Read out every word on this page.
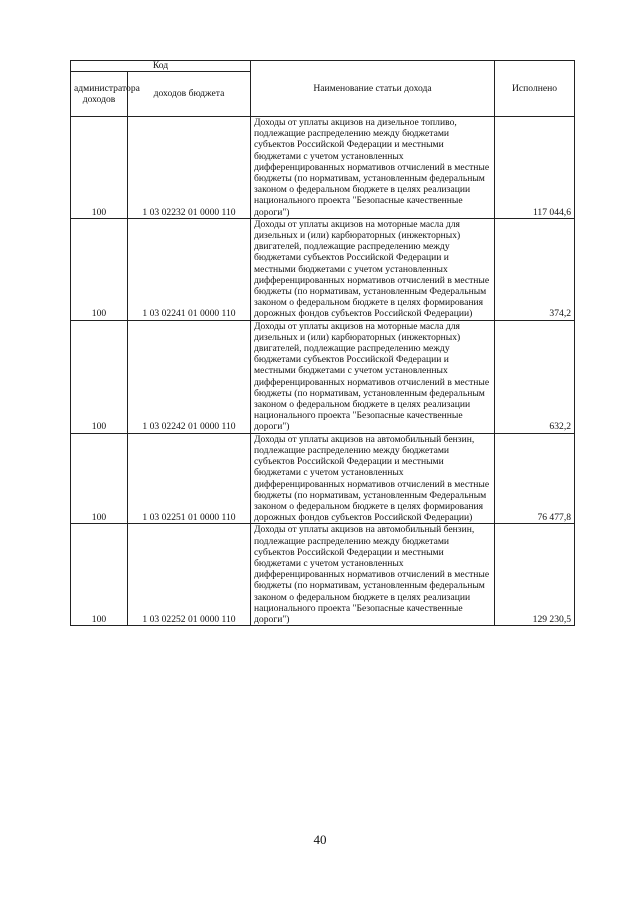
Код		Наименование статьи дохода	Исполнено
администратора доходов	доходов бюджета		
100	1 03 02232 01 0000 110	Доходы от уплаты акцизов на дизельное топливо, подлежащие распределению между бюджетами субъектов Российской Федерации и местными бюджетами с учетом установленных дифференцированных нормативов отчислений в местные бюджеты (по нормативам, установленным федеральным законом о федеральном бюджете в целях реализации национального проекта "Безопасные качественные дороги")	117 044,6
100	1 03 02241 01 0000 110	Доходы от уплаты акцизов на моторные масла для дизельных и (или) карбюраторных (инжекторных) двигателей, подлежащие распределению между бюджетами субъектов Российской Федерации и местными бюджетами с учетом установленных дифференцированных нормативов отчислений в местные бюджеты (по нормативам, установленным Федеральным законом о федеральном бюджете в целях формирования дорожных фондов субъектов Российской Федерации)	374,2
100	1 03 02242 01 0000 110	Доходы от уплаты акцизов на моторные масла для дизельных и (или) карбюраторных (инжекторных) двигателей, подлежащие распределению между бюджетами субъектов Российской Федерации и местными бюджетами с учетом установленных дифференцированных нормативов отчислений в местные бюджеты (по нормативам, установленным федеральным законом о федеральном бюджете в целях реализации национального проекта "Безопасные качественные дороги")	632,2
100	1 03 02251 01 0000 110	Доходы от уплаты акцизов на автомобильный бензин, подлежащие распределению между бюджетами субъектов Российской Федерации и местными бюджетами с учетом установленных дифференцированных нормативов отчислений в местные бюджеты (по нормативам, установленным Федеральным законом о федеральном бюджете в целях формирования дорожных фондов субъектов Российской Федерации)	76 477,8
100	1 03 02252 01 0000 110	Доходы от уплаты акцизов на автомобильный бензин, подлежащие распределению между бюджетами субъектов Российской Федерации и местными бюджетами с учетом установленных дифференцированных нормативов отчислений в местные бюджеты (по нормативам, установленным федеральным законом о федеральном бюджете в целях реализации национального проекта "Безопасные качественные дороги")	129 230,5
40
